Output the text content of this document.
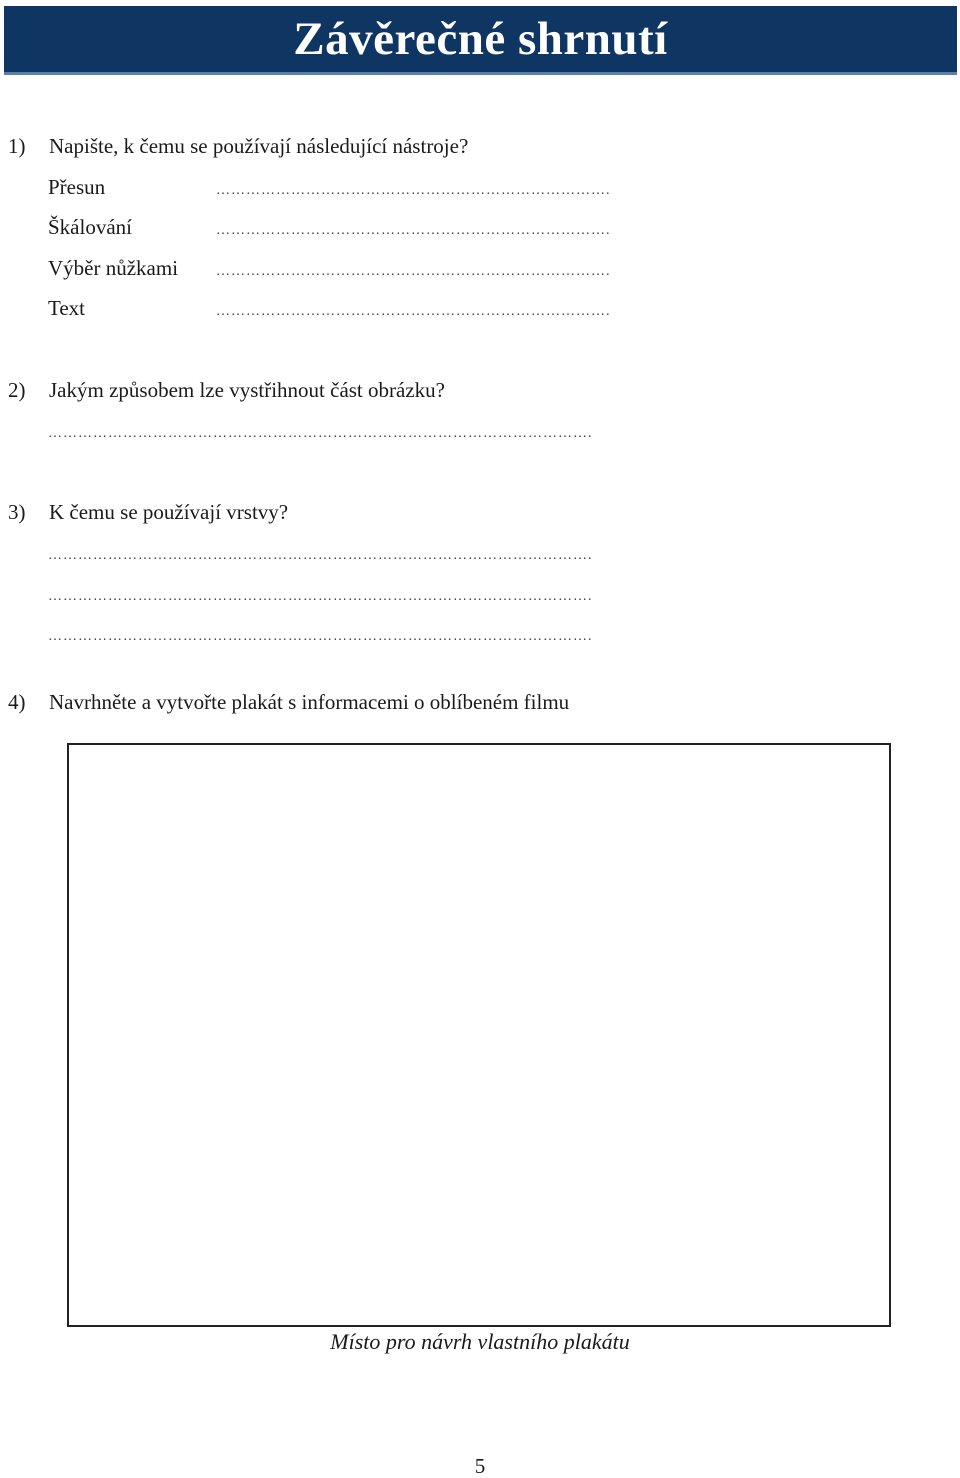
Závěrečné shrnutí
1) Napište, k čemu se používají následující nástroje?
Přesun	…………………………………………………………………….
Škálování	…………………………………………………………………….
Výběr nůžkami	…………………………………………………………………….
Text	…………………………………………………………………….
2) Jakým způsobem lze vystřihnout část obrázku?
……………………………………………………………………………………………….
3) K čemu se používají vrstvy?
……………………………………………………………………………………………….
……………………………………………………………………………………………….
……………………………………………………………………………………………….
4) Navrhněte a vytvořte plakát s informacemi o oblíbeném filmu
Místo pro návrh vlastního plakátu
5
